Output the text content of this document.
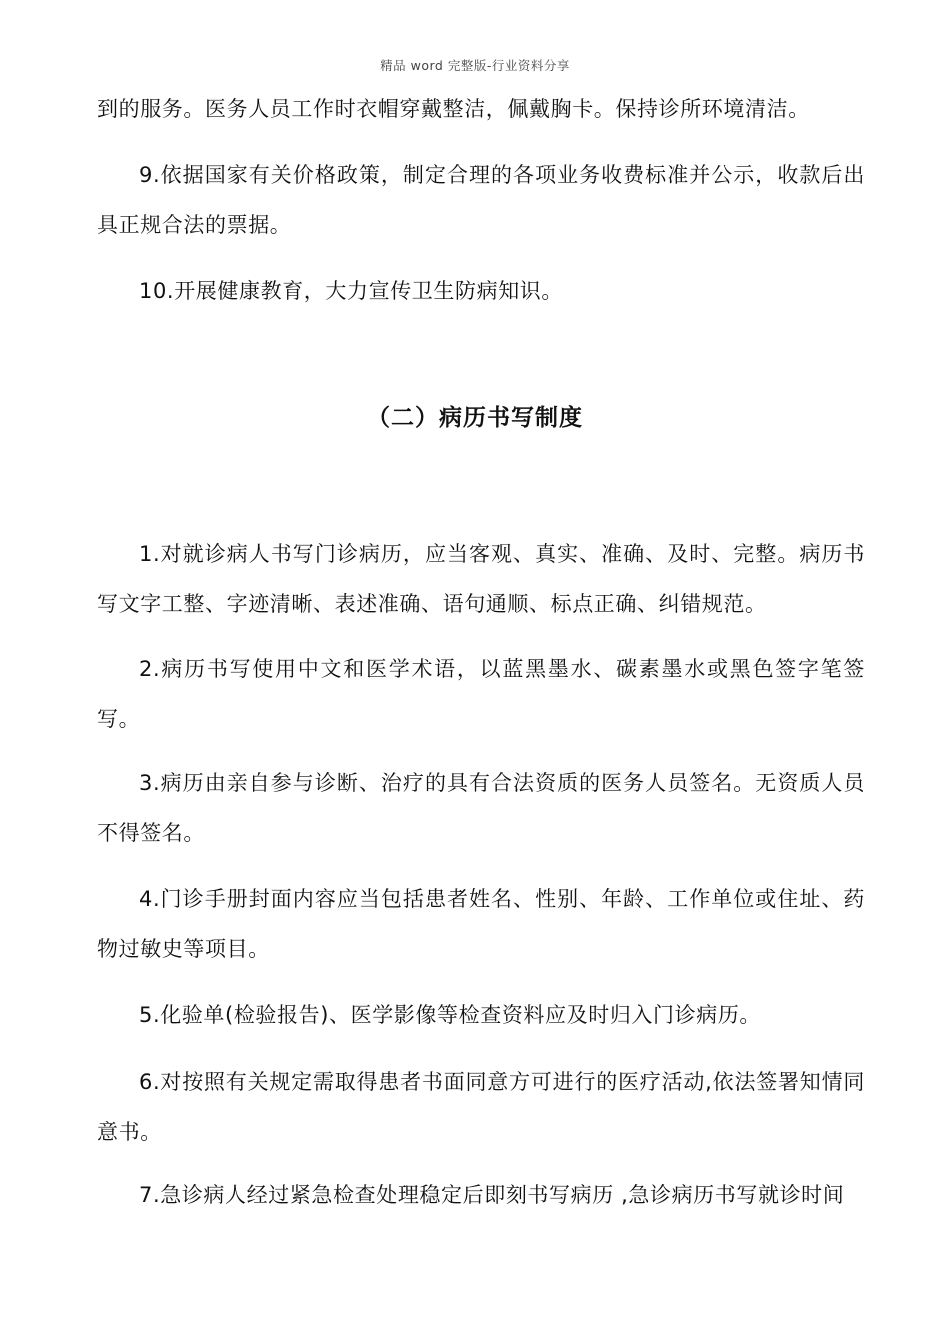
精品 word 完整版-行业资料分享

到的服务。医务人员工作时衣帽穿戴整洁，佩戴胸卡。保持诊所环境清洁。

9.依据国家有关价格政策，制定合理的各项业务收费标准并公示，收款后出具正规合法的票据。

10.开展健康教育，大力宣传卫生防病知识。

（二）病历书写制度

1.对就诊病人书写门诊病历，应当客观、真实、准确、及时、完整。病历书写文字工整、字迹清晰、表述准确、语句通顺、标点正确、纠错规范。

2.病历书写使用中文和医学术语，以蓝黑墨水、碳素墨水或黑色签字笔签写。

3.病历由亲自参与诊断、治疗的具有合法资质的医务人员签名。无资质人员不得签名。

4.门诊手册封面内容应当包括患者姓名、性别、年龄、工作单位或住址、药物过敏史等项目。

5.化验单(检验报告)、医学影像等检查资料应及时归入门诊病历。

6.对按照有关规定需取得患者书面同意方可进行的医疗活动,依法签署知情同意书。

7.急诊病人经过紧急检查处理稳定后即刻书写病历 ,急诊病历书写就诊时间
